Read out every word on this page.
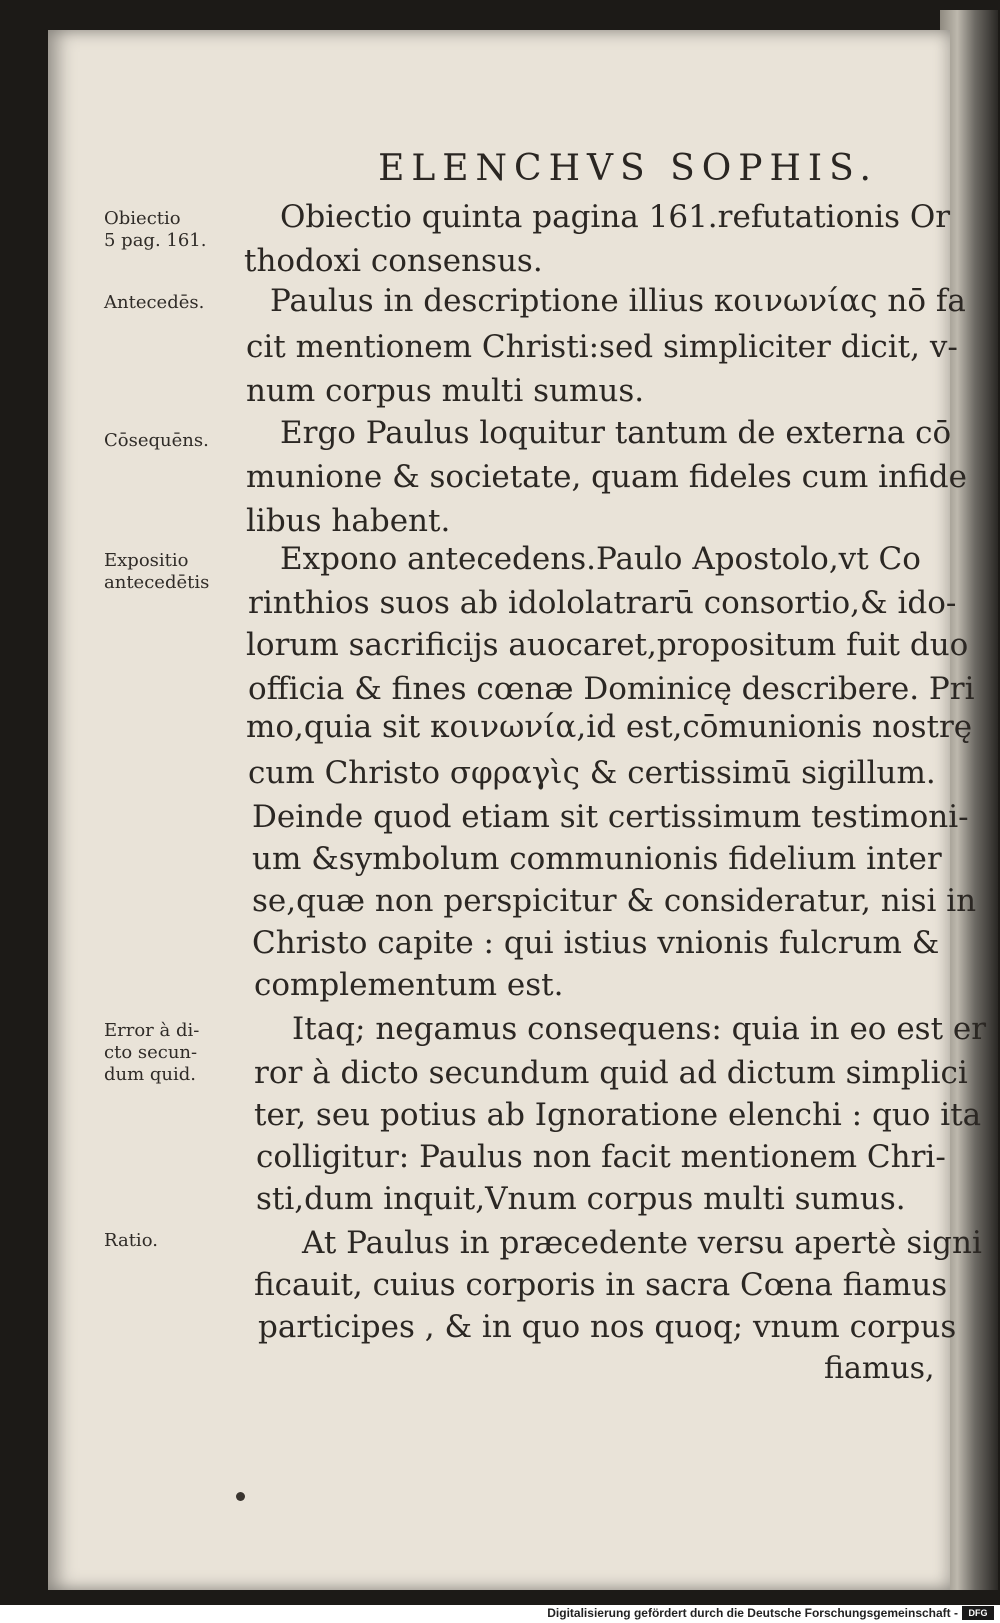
ELENCHVS SOPHIS.
Obiectio
5 pag. 161.
Antecedēs.
Cōsequēns.
Expositio
antecedētis
Error à di-
cto secun-
dum quid.
Ratio.
Obiectio quinta pagina 161.refutationis Or
thodoxi consensus.
Paulus in descriptione illius κοινωνίας nō fa
cit mentionem Christi:sed simpliciter dicit, v-
num corpus multi sumus.
Ergo Paulus loquitur tantum de externa cō
munione & societate, quam fideles cum infide
libus habent.
Expono antecedens.Paulo Apostolo,vt Co
rinthios suos ab idololatrarū consortio,& ido-
lorum sacrificijs auocaret,propositum fuit duo
officia & fines cœnæ Dominicę describere. Pri
mo,quia sit κοινωνία,id est,cōmunionis nostrę
cum Christo σφραγὶς & certissimū sigillum.
Deinde quod etiam sit certissimum testimoni-
um &symbolum communionis fidelium inter
se,quæ non perspicitur & consideratur, nisi in
Christo capite : qui istius vnionis fulcrum &
complementum est.
Itaq; negamus consequens: quia in eo est er
ror à dicto secundum quid ad dictum simplici
ter, seu potius ab Ignoratione elenchi : quo ita
colligitur: Paulus non facit mentionem Chri-
sti,dum inquit,Vnum corpus multi sumus.
At Paulus in præcedente versu apertè signi
ficauit, cuius corporis in sacra Cœna fiamus
participes , & in quo nos quoq; vnum corpus
fiamus,
Digitalisierung gefördert durch die Deutsche Forschungsgemeinschaft -	DFG
